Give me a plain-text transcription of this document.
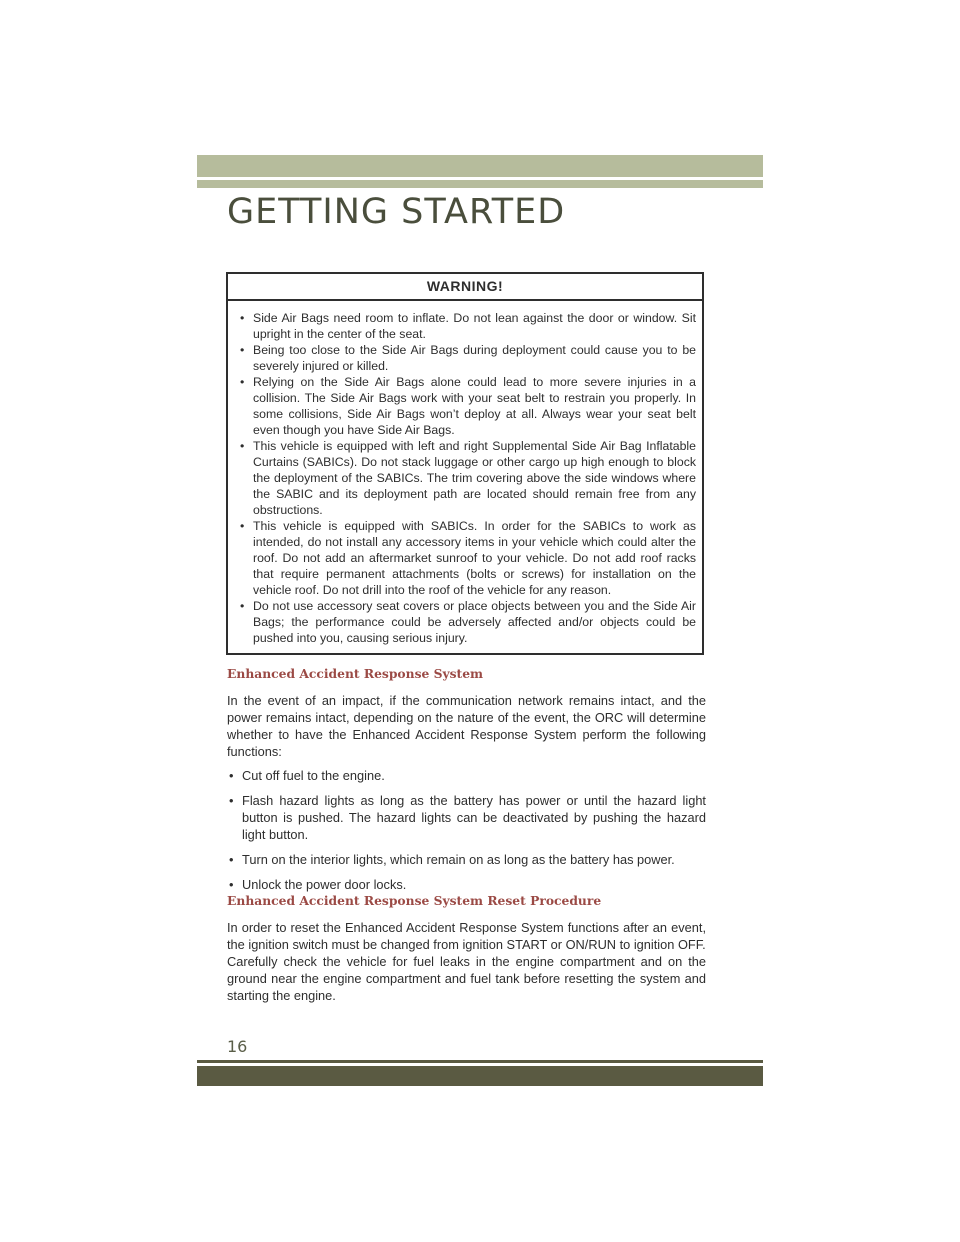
GETTING STARTED
WARNING!
• Side Air Bags need room to inflate. Do not lean against the door or window. Sit upright in the center of the seat.
• Being too close to the Side Air Bags during deployment could cause you to be severely injured or killed.
• Relying on the Side Air Bags alone could lead to more severe injuries in a collision. The Side Air Bags work with your seat belt to restrain you properly. In some collisions, Side Air Bags won’t deploy at all. Always wear your seat belt even though you have Side Air Bags.
• This vehicle is equipped with left and right Supplemental Side Air Bag Inflatable Curtains (SABICs). Do not stack luggage or other cargo up high enough to block the deployment of the SABICs. The trim covering above the side windows where the SABIC and its deployment path are located should remain free from any obstructions.
• This vehicle is equipped with SABICs. In order for the SABICs to work as intended, do not install any accessory items in your vehicle which could alter the roof. Do not add an aftermarket sunroof to your vehicle. Do not add roof racks that require permanent attachments (bolts or screws) for installation on the vehicle roof. Do not drill into the roof of the vehicle for any reason.
• Do not use accessory seat covers or place objects between you and the Side Air Bags; the performance could be adversely affected and/or objects could be pushed into you, causing serious injury.
Enhanced Accident Response System

In the event of an impact, if the communication network remains intact, and the power remains intact, depending on the nature of the event, the ORC will determine whether to have the Enhanced Accident Response System perform the following functions:

• Cut off fuel to the engine.
• Flash hazard lights as long as the battery has power or until the hazard light button is pushed. The hazard lights can be deactivated by pushing the hazard light button.
• Turn on the interior lights, which remain on as long as the battery has power.
• Unlock the power door locks.
Enhanced Accident Response System Reset Procedure

In order to reset the Enhanced Accident Response System functions after an event, the ignition switch must be changed from ignition START or ON/RUN to ignition OFF.

Carefully check the vehicle for fuel leaks in the engine compartment and on the ground near the engine compartment and fuel tank before resetting the system and starting the engine.

16
